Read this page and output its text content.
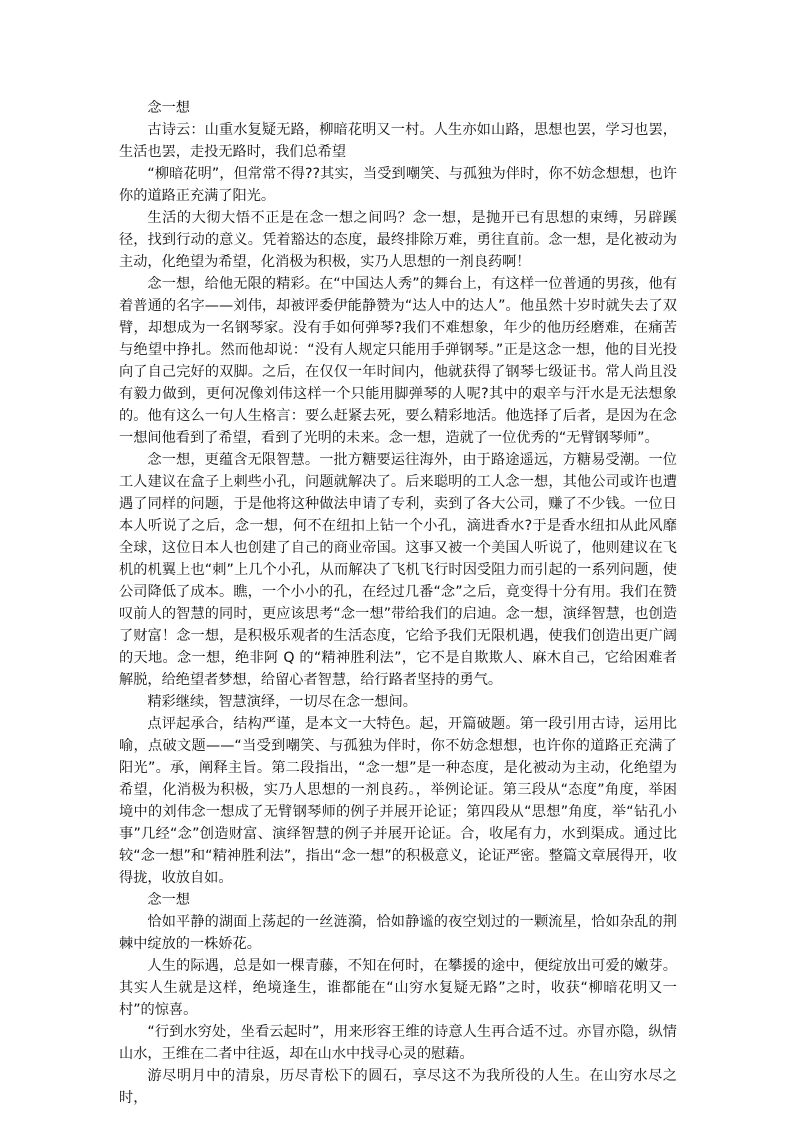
念一想

古诗云：山重水复疑无路，柳暗花明又一村。人生亦如山路，思想也罢，学习也罢，生活也罢，走投无路时，我们总希望

“柳暗花明”，但常常不得??其实，当受到嘲笑、与孤独为伴时，你不妨念想想，也许你的道路正充满了阳光。

生活的大彻大悟不正是在念一想之间吗？念一想，是抛开已有思想的束缚，另辟蹊径，找到行动的意义。凭着豁达的态度，最终排除万难，勇往直前。念一想，是化被动为主动，化绝望为希望，化消极为积极，实乃人思想的一剂良药啊！

念一想，给他无限的精彩。在“中国达人秀”的舞台上，有这样一位普通的男孩，他有着普通的名字——刘伟，却被评委伊能静赞为“达人中的达人”。他虽然十岁时就失去了双臂，却想成为一名钢琴家。没有手如何弹琴?我们不难想象，年少的他历经磨难，在痛苦与绝望中挣扎。然而他却说：“没有人规定只能用手弹钢琴。”正是这念一想，他的目光投向了自己完好的双脚。之后，在仅仅一年时间内，他就获得了钢琴七级证书。常人尚且没有毅力做到，更何况像刘伟这样一个只能用脚弹琴的人呢?其中的艰辛与汗水是无法想象的。他有这么一句人生格言：要么赶紧去死，要么精彩地活。他选择了后者，是因为在念一想间他看到了希望，看到了光明的未来。念一想，造就了一位优秀的“无臂钢琴师”。

念一想，更蕴含无限智慧。一批方糖要运往海外，由于路途遥远，方糖易受潮。一位工人建议在盒子上刺些小孔，问题就解决了。后来聪明的工人念一想，其他公司或许也遭遇了同样的问题，于是他将这种做法申请了专利，卖到了各大公司，赚了不少钱。一位日本人听说了之后，念一想，何不在纽扣上钻一个小孔，滴进香水?于是香水纽扣从此风靡全球，这位日本人也创建了自己的商业帝国。这事又被一个美国人听说了，他则建议在飞机的机翼上也“刺”上几个小孔，从而解决了飞机飞行时因受阻力而引起的一系列问题，使公司降低了成本。瞧，一个小小的孔，在经过几番“念”之后，竟变得十分有用。我们在赞叹前人的智慧的同时，更应该思考“念一想”带给我们的启迪。念一想，演绎智慧，也创造了财富！念一想，是积极乐观者的生活态度，它给予我们无限机遇，使我们创造出更广阔的天地。念一想，绝非阿 Q 的“精神胜利法”，它不是自欺欺人、麻木自己，它给困难者解脱，给绝望者梦想，给留心者智慧，给行路者坚持的勇气。

精彩继续，智慧演绎，一切尽在念一想间。

点评起承合，结构严谨，是本文一大特色。起，开篇破题。第一段引用古诗，运用比喻，点破文题——“当受到嘲笑、与孤独为伴时，你不妨念想想，也许你的道路正充满了阳光”。承，阐释主旨。第二段指出，“念一想”是一种态度，是化被动为主动，化绝望为希望，化消极为积极，实乃人思想的一剂良药。，举例论证。第三段从“态度”角度，举困境中的刘伟念一想成了无臂钢琴师的例子并展开论证；第四段从“思想”角度，举“钻孔小事”几经“念”创造财富、演绎智慧的例子并展开论证。合，收尾有力，水到渠成。通过比较“念一想”和“精神胜利法”，指出“念一想”的积极意义，论证严密。整篇文章展得开，收得拢，收放自如。

念一想

恰如平静的湖面上荡起的一丝涟漪，恰如静谧的夜空划过的一颗流星，恰如杂乱的荆棘中绽放的一株娇花。

人生的际遇，总是如一棵青藤，不知在何时，在攀援的途中，便绽放出可爱的嫩芽。其实人生就是这样，绝境逢生，谁都能在“山穷水复疑无路”之时，收获“柳暗花明又一村”的惊喜。

“行到水穷处，坐看云起时”，用来形容王维的诗意人生再合适不过。亦冒亦隐，纵情山水，王维在二者中往返，却在山水中找寻心灵的慰藉。

游尽明月中的清泉，历尽青松下的圆石，享尽这不为我所役的人生。在山穷水尽之时，
